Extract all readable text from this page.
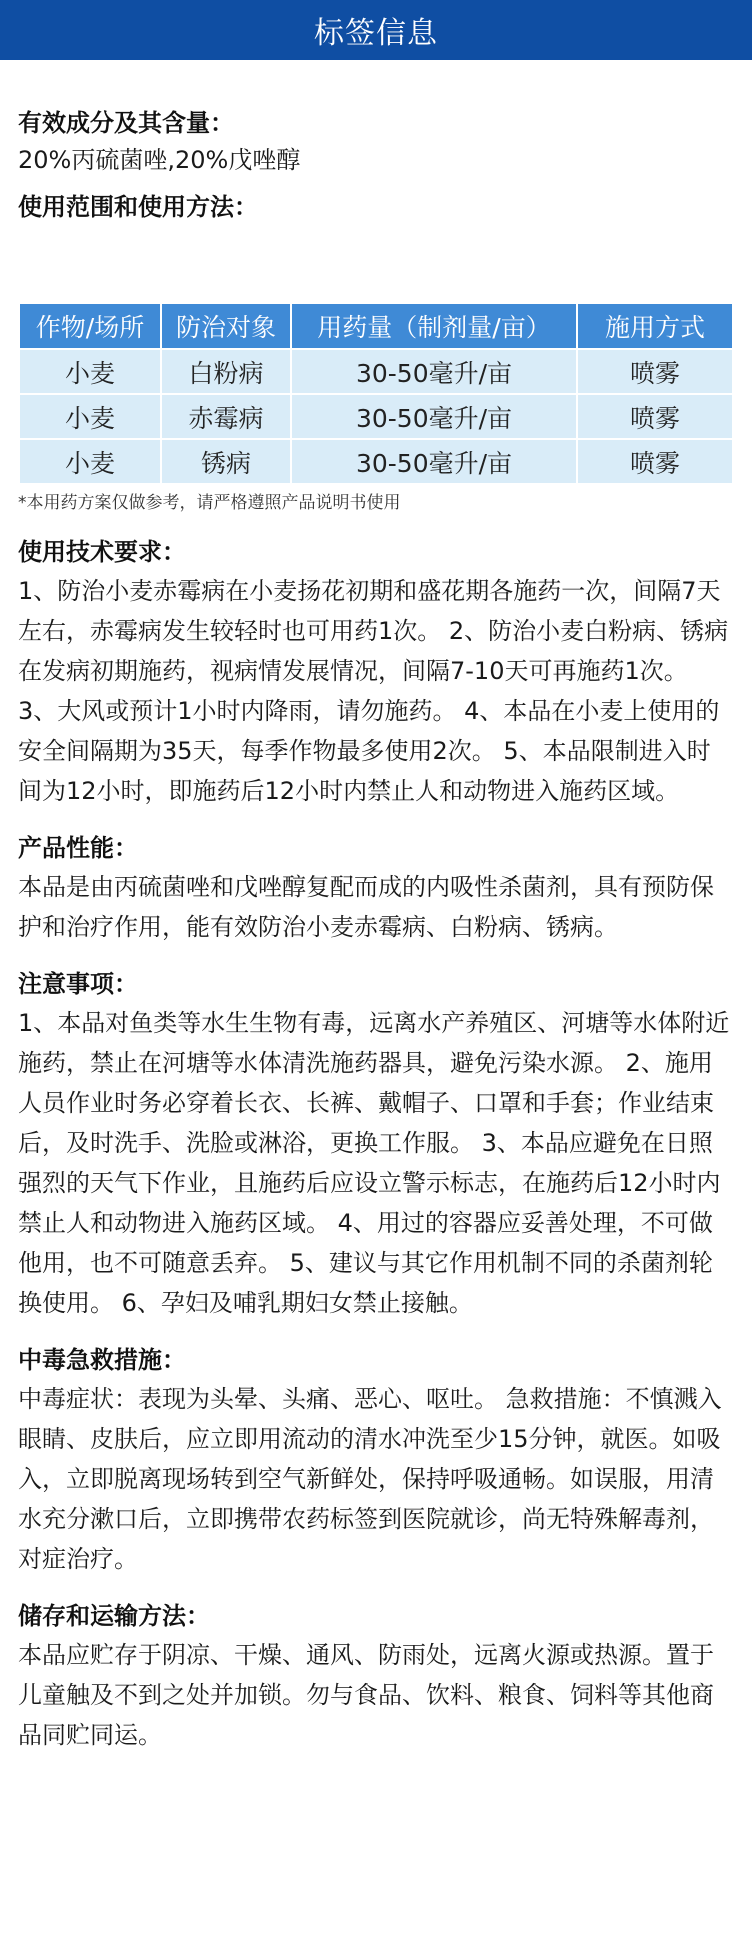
标签信息
有效成分及其含量：
20%丙硫菌唑,20%戊唑醇
使用范围和使用方法：
作物/场所	防治对象	用药量（制剂量/亩）	施用方式
小麦	白粉病	30-50毫升/亩	喷雾
小麦	赤霉病	30-50毫升/亩	喷雾
小麦	锈病	30-50毫升/亩	喷雾
*本用药方案仅做参考，请严格遵照产品说明书使用
使用技术要求：
1、防治小麦赤霉病在小麦扬花初期和盛花期各施药一次，间隔7天左右，赤霉病发生较轻时也可用药1次。 2、防治小麦白粉病、锈病在发病初期施药，视病情发展情况，间隔7-10天可再施药1次。 3、大风或预计1小时内降雨，请勿施药。 4、本品在小麦上使用的安全间隔期为35天，每季作物最多使用2次。 5、本品限制进入时间为12小时，即施药后12小时内禁止人和动物进入施药区域。
产品性能：
本品是由丙硫菌唑和戊唑醇复配而成的内吸性杀菌剂，具有预防保护和治疗作用，能有效防治小麦赤霉病、白粉病、锈病。
注意事项：
1、本品对鱼类等水生生物有毒，远离水产养殖区、河塘等水体附近施药，禁止在河塘等水体清洗施药器具，避免污染水源。 2、施用人员作业时务必穿着长衣、长裤、戴帽子、口罩和手套；作业结束后，及时洗手、洗脸或淋浴，更换工作服。 3、本品应避免在日照强烈的天气下作业，且施药后应设立警示标志，在施药后12小时内禁止人和动物进入施药区域。 4、用过的容器应妥善处理，不可做他用，也不可随意丢弃。 5、建议与其它作用机制不同的杀菌剂轮换使用。 6、孕妇及哺乳期妇女禁止接触。
中毒急救措施：
中毒症状：表现为头晕、头痛、恶心、呕吐。 急救措施：不慎溅入眼睛、皮肤后，应立即用流动的清水冲洗至少15分钟，就医。如吸入，立即脱离现场转到空气新鲜处，保持呼吸通畅。如误服，用清水充分漱口后，立即携带农药标签到医院就诊，尚无特殊解毒剂，对症治疗。
储存和运输方法：
本品应贮存于阴凉、干燥、通风、防雨处，远离火源或热源。置于儿童触及不到之处并加锁。勿与食品、饮料、粮食、饲料等其他商品同贮同运。
